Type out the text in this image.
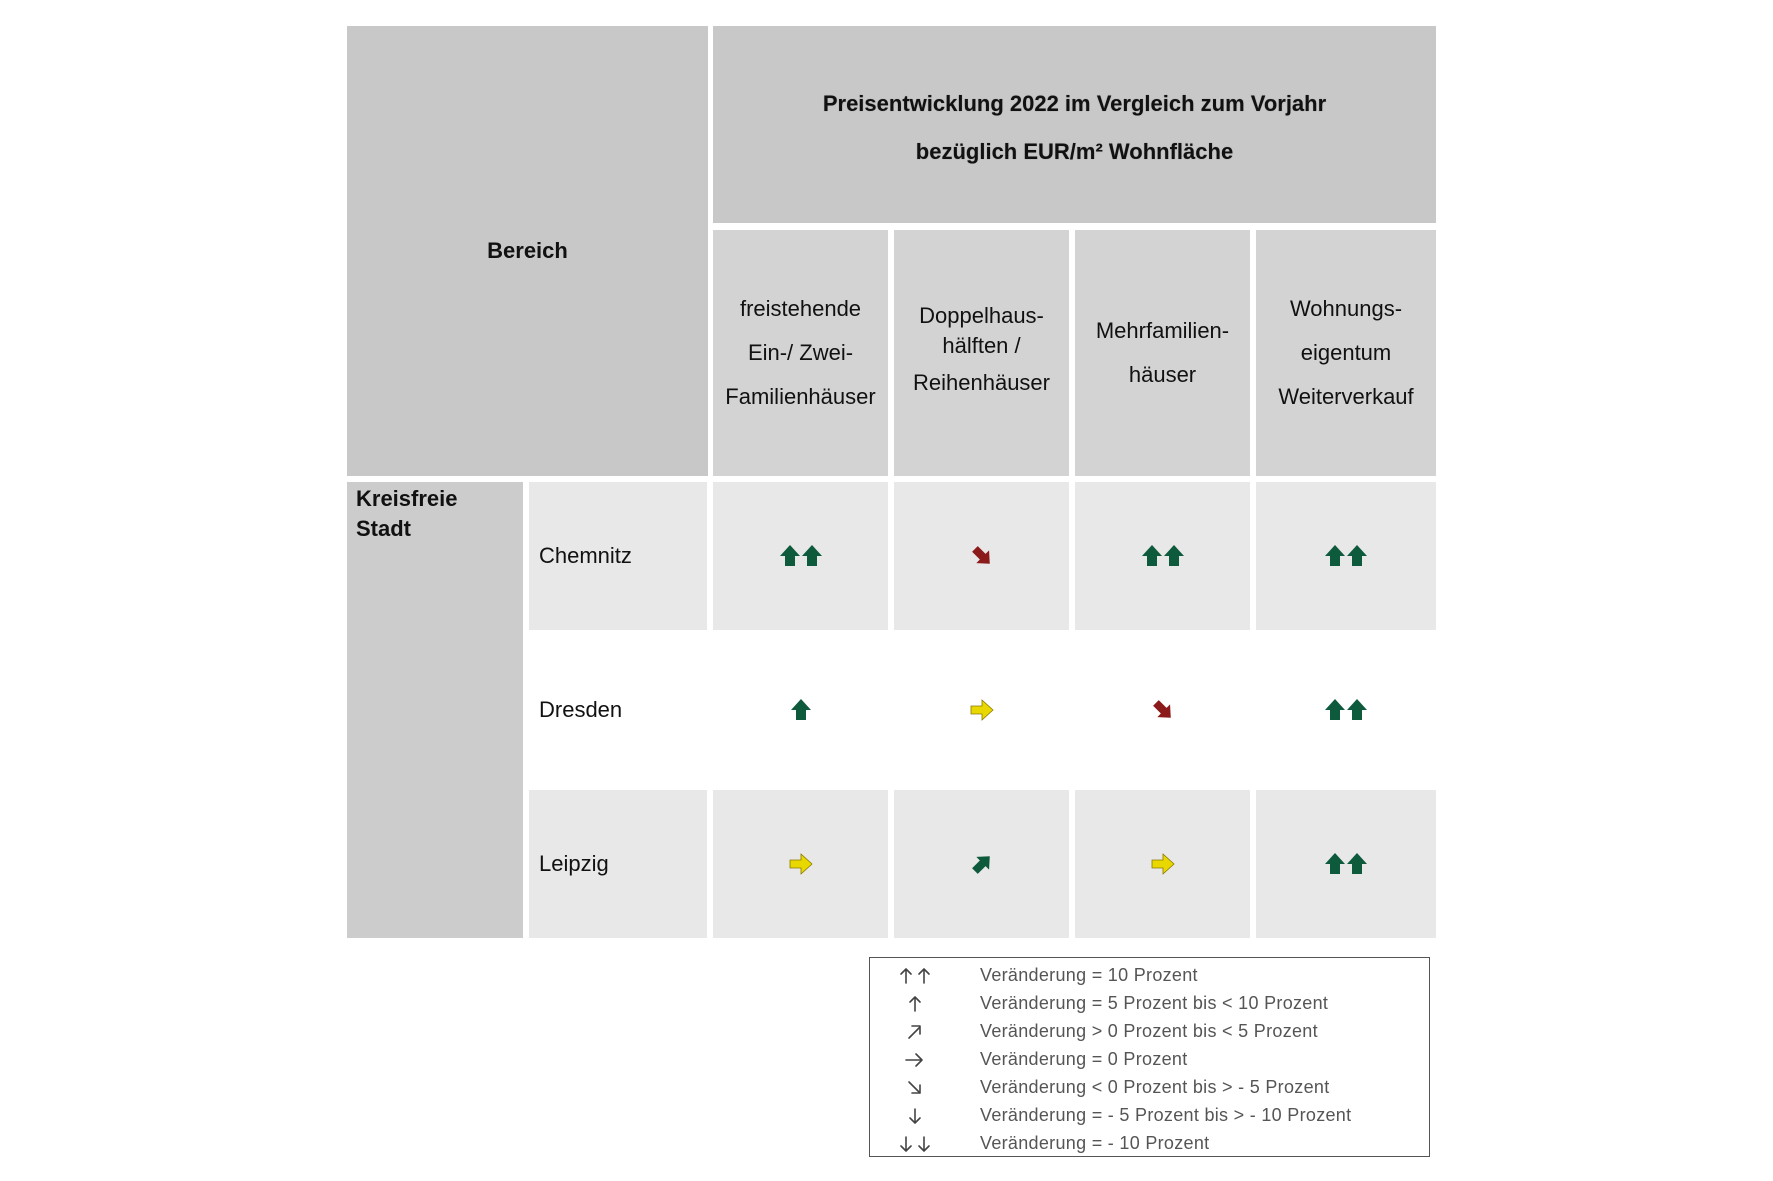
Bereich
Preisentwicklung 2022 im Vergleich zum Vorjahr
bezüglich EUR/m² Wohnfläche
freistehende
Ein-/ Zwei-
Familienhäuser
Doppelhaus-
hälften /
Reihenhäuser
Mehrfamilien-
häuser
Wohnungs-
eigentum
Weiterverkauf
Kreisfreie Stadt
Chemnitz
Dresden
Leipzig
Veränderung = 10 Prozent
Veränderung = 5 Prozent bis < 10 Prozent
Veränderung > 0 Prozent bis < 5 Prozent
Veränderung = 0 Prozent
Veränderung < 0 Prozent bis > - 5 Prozent
Veränderung = - 5 Prozent bis > - 10 Prozent
Veränderung = - 10 Prozent
